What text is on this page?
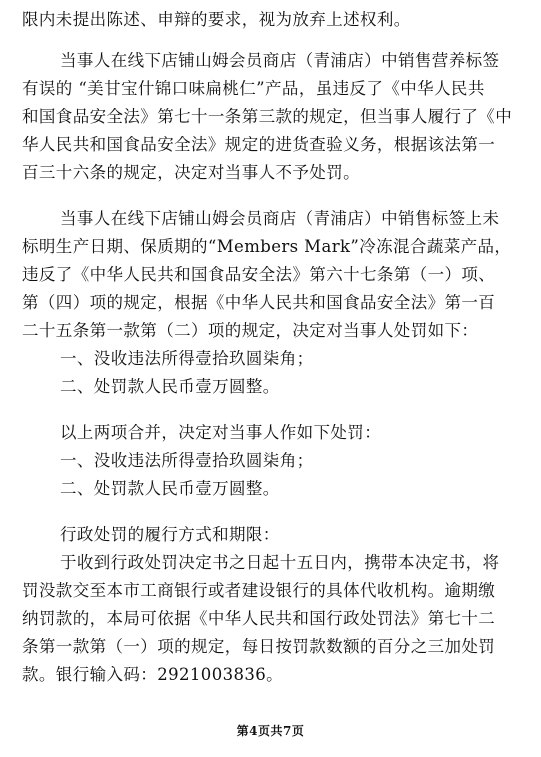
限内未提出陈述、申辩的要求，视为放弃上述权利。
当事人在线下店铺山姆会员商店（青浦店）中销售营养标签
有误的 “美甘宝什锦口味扁桃仁”产品，虽违反了《中华人民共
和国食品安全法》第七十一条第三款的规定，但当事人履行了《中
华人民共和国食品安全法》规定的进货查验义务，根据该法第一
百三十六条的规定，决定对当事人不予处罚。
当事人在线下店铺山姆会员商店（青浦店）中销售标签上未
标明生产日期、保质期的“Members Mark”冷冻混合蔬菜产品，
违反了《中华人民共和国食品安全法》第六十七条第（一）项、
第（四）项的规定，根据《中华人民共和国食品安全法》第一百
二十五条第一款第（二）项的规定，决定对当事人处罚如下：
一、没收违法所得壹拾玖圆柒角；
二、处罚款人民币壹万圆整。
以上两项合并，决定对当事人作如下处罚：
一、没收违法所得壹拾玖圆柒角；
二、处罚款人民币壹万圆整。
行政处罚的履行方式和期限：
于收到行政处罚决定书之日起十五日内，携带本决定书，将
罚没款交至本市工商银行或者建设银行的具体代收机构。逾期缴
纳罚款的，本局可依据《中华人民共和国行政处罚法》第七十二
条第一款第（一）项的规定，每日按罚款数额的百分之三加处罚
款。银行输入码：2921003836。
第4页共7页
